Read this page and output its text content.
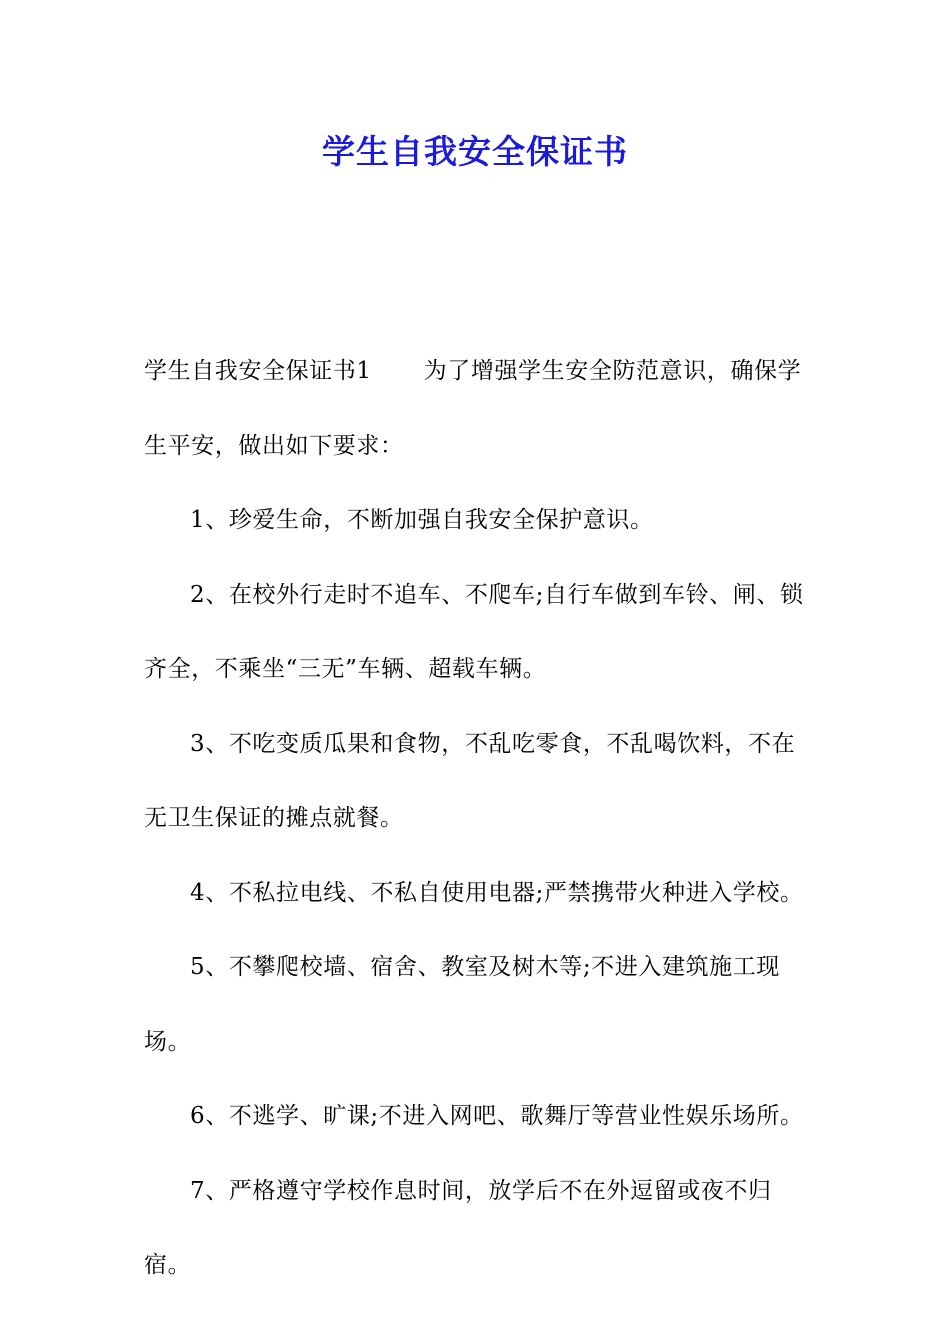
学生自我安全保证书

学生自我安全保证书1 为了增强学生安全防范意识，确保学生平安，做出如下要求：

1、珍爱生命，不断加强自我安全保护意识。

2、在校外行走时不追车、不爬车;自行车做到车铃、闸、锁齐全，不乘坐“三无”车辆、超载车辆。

3、不吃变质瓜果和食物，不乱吃零食，不乱喝饮料，不在无卫生保证的摊点就餐。

4、不私拉电线、不私自使用电器;严禁携带火种进入学校。

5、不攀爬校墙、宿舍、教室及树木等;不进入建筑施工现场。

6、不逃学、旷课;不进入网吧、歌舞厅等营业性娱乐场所。

7、严格遵守学校作息时间，放学后不在外逗留或夜不归宿。
